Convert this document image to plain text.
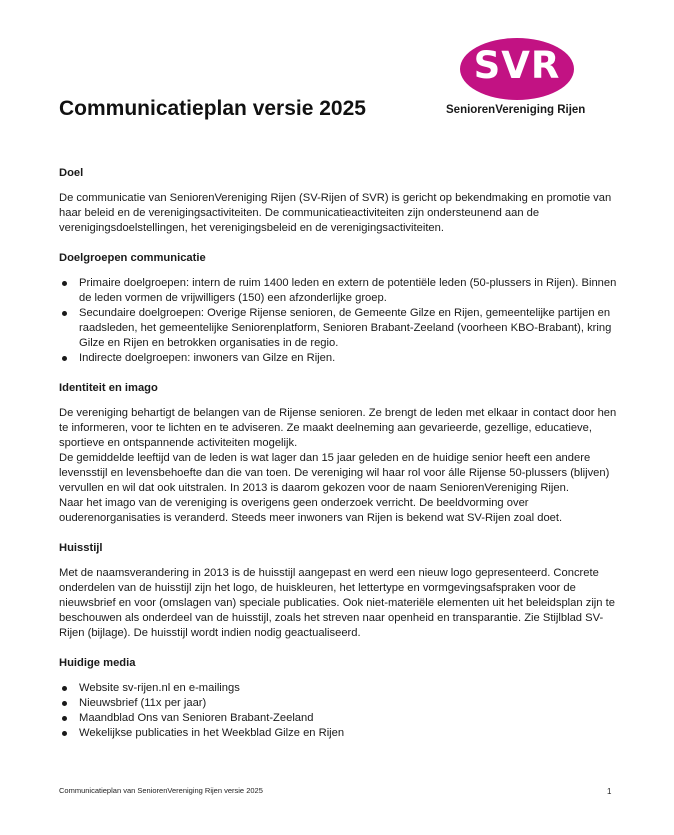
SVR
SeniorenVereniging Rijen
Communicatieplan versie 2025
Doel
De communicatie van SeniorenVereniging Rijen (SV-Rijen of SVR) is gericht op bekendmaking en promotie van haar beleid en de verenigingsactiviteiten. De communicatieactiviteiten zijn ondersteunend aan de verenigingsdoelstellingen, het verenigingsbeleid en de verenigingsactiviteiten.
Doelgroepen communicatie
Primaire doelgroepen: intern de ruim 1400 leden en extern de potentiële leden (50-plussers in Rijen). Binnen de leden vormen de vrijwilligers (150) een afzonderlijke groep.
Secundaire doelgroepen: Overige Rijense senioren, de Gemeente Gilze en Rijen, gemeentelijke partijen en raadsleden, het gemeentelijke Seniorenplatform, Senioren Brabant-Zeeland (voorheen KBO-Brabant), kring Gilze en Rijen en betrokken organisaties in de regio.
Indirecte doelgroepen: inwoners van Gilze en Rijen.
Identiteit en imago
De vereniging behartigt de belangen van de Rijense senioren. Ze brengt de leden met elkaar in contact door hen te informeren, voor te lichten en te adviseren. Ze maakt deelneming aan gevarieerde, gezellige, educatieve, sportieve en ontspannende activiteiten mogelijk.
De gemiddelde leeftijd van de leden is wat lager dan 15 jaar geleden en de huidige senior heeft een andere levensstijl en levensbehoefte dan die van toen. De vereniging wil haar rol voor álle Rijense 50-plussers (blijven) vervullen en wil dat ook uitstralen. In 2013 is daarom gekozen voor de naam SeniorenVereniging Rijen.
Naar het imago van de vereniging is overigens geen onderzoek verricht. De beeldvorming over ouderenorganisaties is veranderd. Steeds meer inwoners van Rijen is bekend wat SV-Rijen zoal doet.
Huisstijl
Met de naamsverandering in 2013 is de huisstijl aangepast en werd een nieuw logo gepresenteerd. Concrete onderdelen van de huisstijl zijn het logo, de huiskleuren, het lettertype en vormgevingsafspraken voor de nieuwsbrief en voor (omslagen van) speciale publicaties. Ook niet-materiële elementen uit het beleidsplan zijn te beschouwen als onderdeel van de huisstijl, zoals het streven naar openheid en transparantie. Zie Stijlblad SV-Rijen (bijlage). De huisstijl wordt indien nodig geactualiseerd.
Huidige media
Website sv-rijen.nl en e-mailings
Nieuwsbrief (11x per jaar)
Maandblad Ons van Senioren Brabant-Zeeland
Wekelijkse publicaties in het Weekblad Gilze en Rijen
Communicatieplan van SeniorenVereniging Rijen versie 2025	1
